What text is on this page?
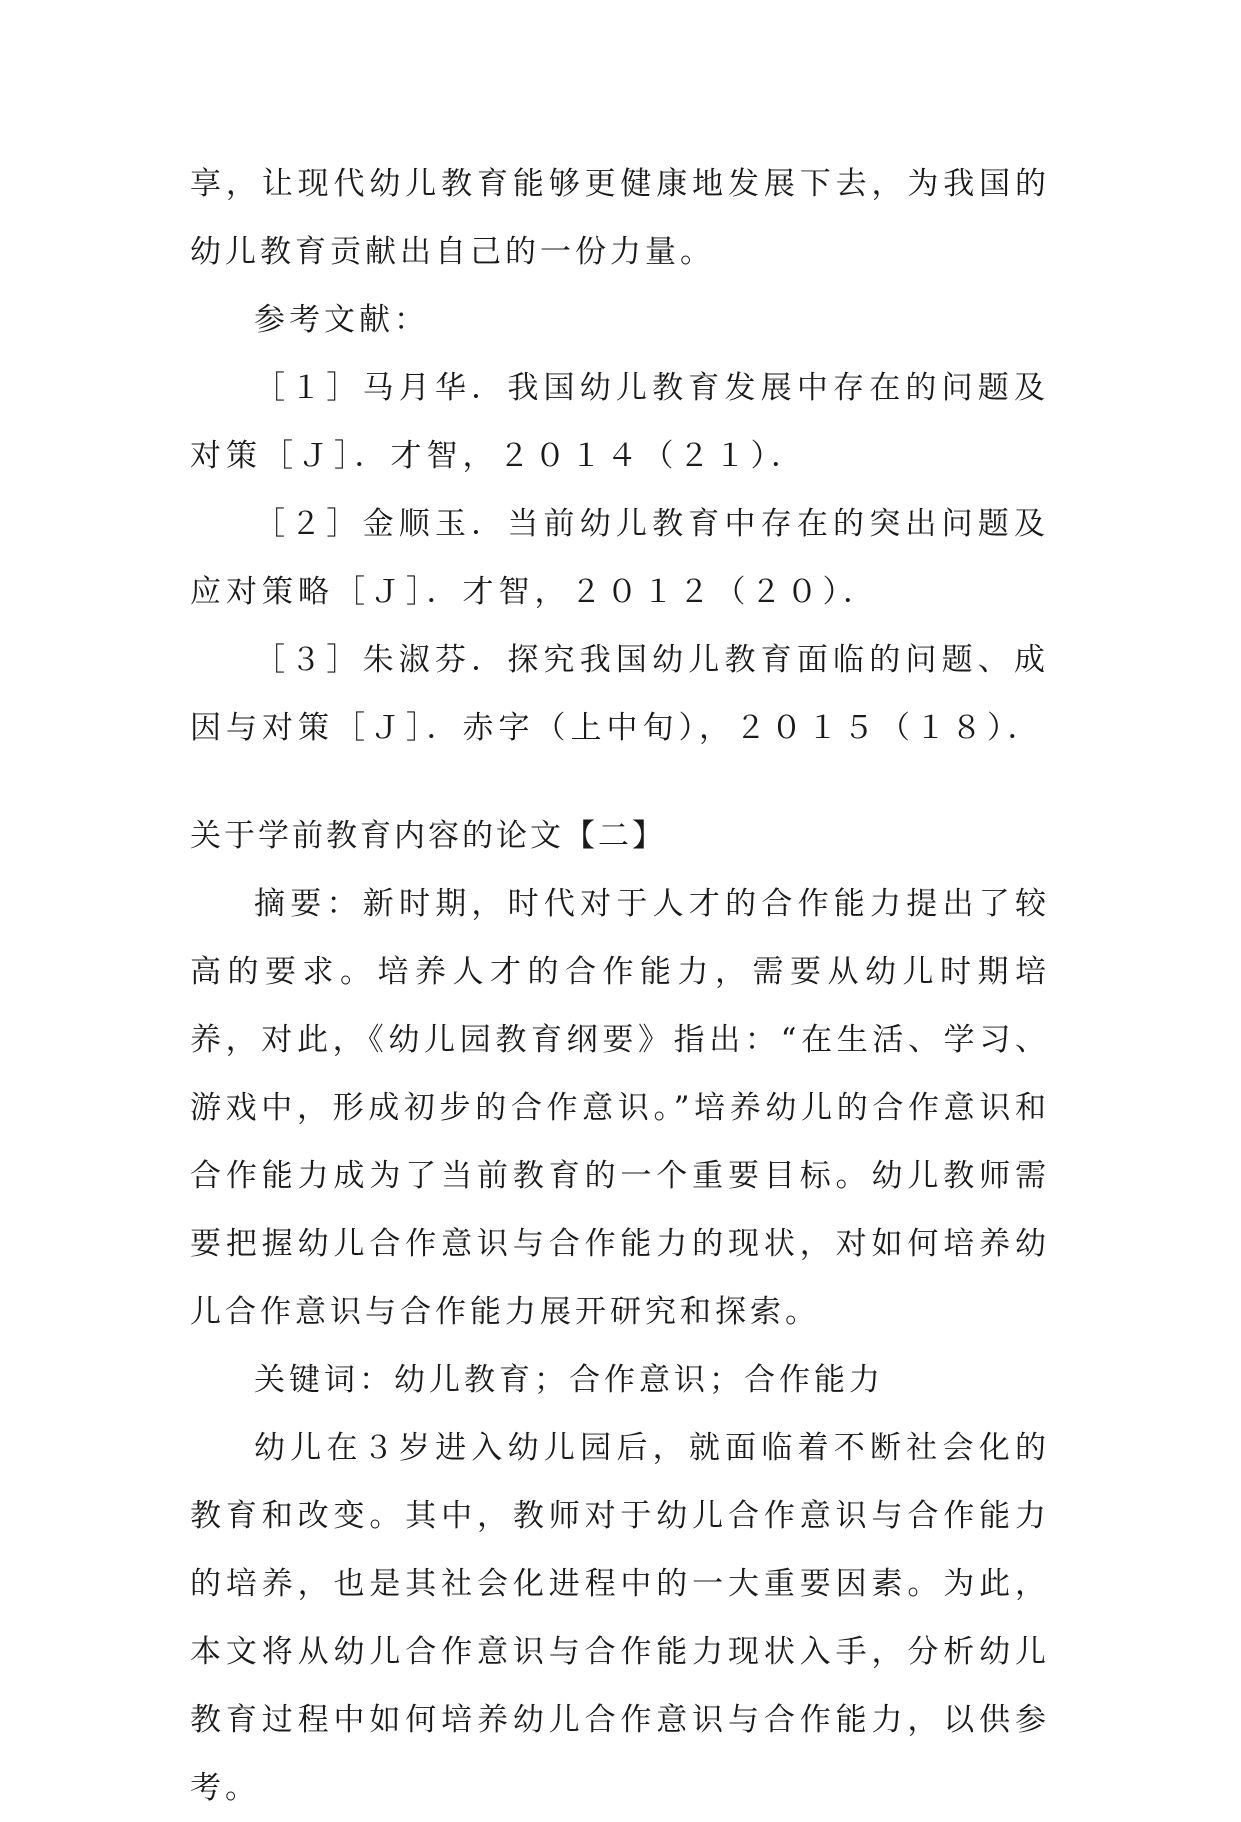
享，让现代幼儿教育能够更健康地发展下去，为我国的幼儿教育贡献出自己的一份力量。

参考文献：

［１］马月华．我国幼儿教育发展中存在的问题及对策［Ｊ］．才智，２０１４（２１）．

［２］金顺玉．当前幼儿教育中存在的突出问题及应对策略［Ｊ］．才智，２０１２（２０）．

［３］朱淑芬．探究我国幼儿教育面临的问题、成因与对策［Ｊ］．赤字（上中旬），２０１５（１８）．

关于学前教育内容的论文【二】

摘要：新时期，时代对于人才的合作能力提出了较高的要求。培养人才的合作能力，需要从幼儿时期培养，对此，《幼儿园教育纲要》指出：“在生活、学习、游戏中，形成初步的合作意识。”培养幼儿的合作意识和合作能力成为了当前教育的一个重要目标。幼儿教师需要把握幼儿合作意识与合作能力的现状，对如何培养幼儿合作意识与合作能力展开研究和探索。

关键词：幼儿教育；合作意识；合作能力

幼儿在３岁进入幼儿园后，就面临着不断社会化的教育和改变。其中，教师对于幼儿合作意识与合作能力的培养，也是其社会化进程中的一大重要因素。为此，本文将从幼儿合作意识与合作能力现状入手，分析幼儿教育过程中如何培养幼儿合作意识与合作能力，以供参考。
